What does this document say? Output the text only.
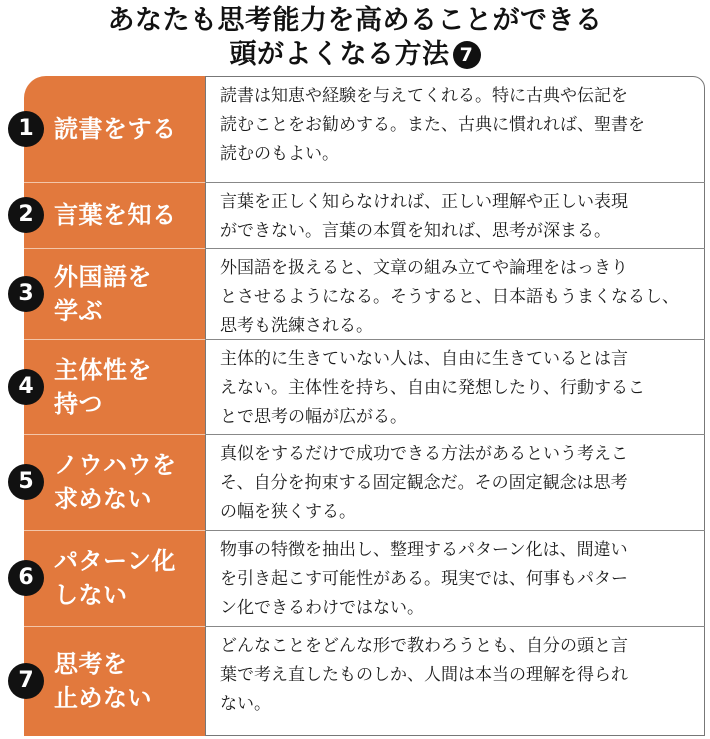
あなたも思考能力を高めることができる
頭がよくなる方法 7
1 読書をする
読書は知恵や経験を与えてくれる。特に古典や伝記を
読むことをお勧めする。また、古典に慣れれば、聖書を
読むのもよい。
2 言葉を知る	言葉を正しく知らなければ、正しい理解や正しい表現
ができない。言葉の本質を知れば、思考が深まる。
3
外国語を
学ぶ
外国語を扱えると、文章の組み立てや論理をはっきり
とさせるようになる。そうすると、日本語もうまくなるし、
思考も洗練される。
4
主体性を
持つ
主体的に生きていない人は、自由に生きているとは言
えない。主体性を持ち、自由に発想したり、行動するこ
とで思考の幅が広がる。
5
ノウハウを
求めない
真似をするだけで成功できる方法があるという考えこ
そ、自分を拘束する固定観念だ。その固定観念は思考
の幅を狭くする。
6
パターン化
しない
物事の特徴を抽出し、整理するパターン化は、間違い
を引き起こす可能性がある。現実では、何事もパター
ン化できるわけではない。
7
思考を
止めない
どんなことをどんな形で教わろうとも、自分の頭と言
葉で考え直したものしか、人間は本当の理解を得られ
ない。
